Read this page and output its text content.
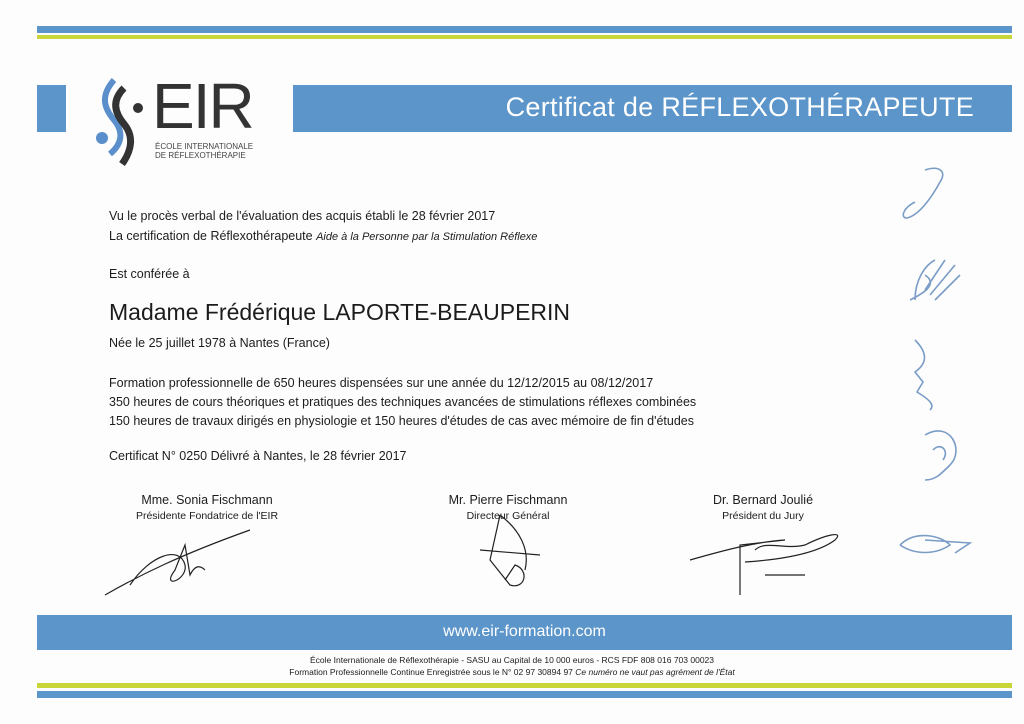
EIR
ÉCOLE INTERNATIONALE
DE RÉFLEXOTHÉRAPIE
Certificat de RÉFLEXOTHÉRAPEUTE
Vu le procès verbal de l'évaluation des acquis établi le 28 février 2017
La certification de Réflexothérapeute Aide à la Personne par la Stimulation Réflexe
Est conférée à
Madame Frédérique LAPORTE-BEAUPERIN
Née le 25 juillet 1978 à Nantes (France)
Formation professionnelle de 650 heures dispensées sur une année du 12/12/2015 au 08/12/2017
350 heures de cours théoriques et pratiques des techniques avancées de stimulations réflexes combinées
150 heures de travaux dirigés en physiologie et 150 heures d'études de cas avec mémoire de fin d'études
Certificat N° 0250 Délivré à Nantes, le 28 février 2017
Mme. Sonia Fischmann
Présidente Fondatrice de l'EIR
Mr. Pierre Fischmann
Directeur Général
Dr. Bernard Joulié
Président du Jury
www.eir-formation.com
École Internationale de Réflexothérapie - SASU au Capital de 10 000 euros - RCS FDF 808 016 703 00023
Formation Professionnelle Continue Enregistrée sous le N° 02 97 30894 97 Ce numéro ne vaut pas agrément de l'État
